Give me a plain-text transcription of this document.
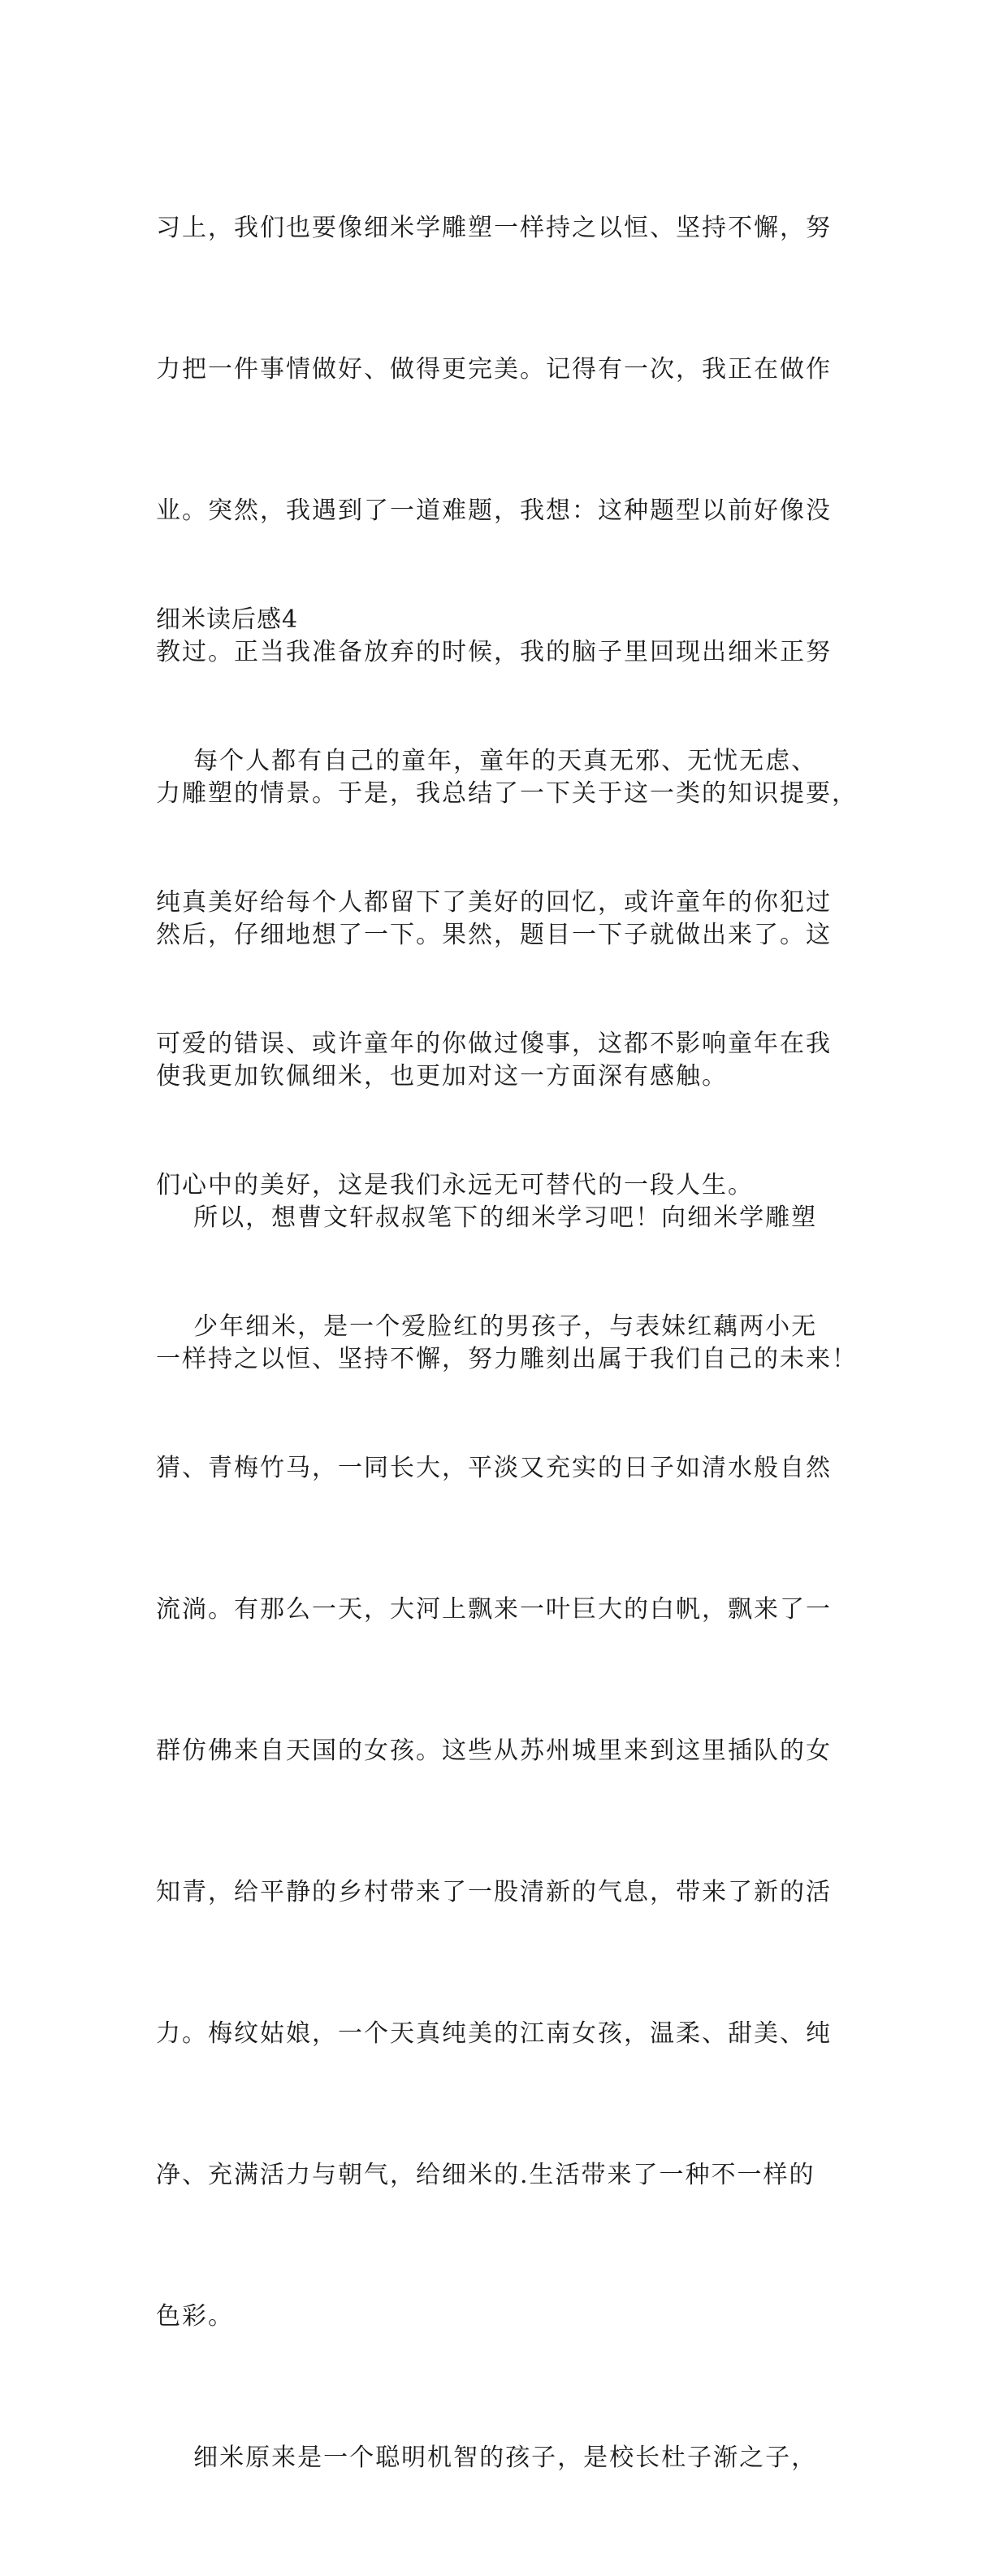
习上，我们也要像细米学雕塑一样持之以恒、坚持不懈，努

力把一件事情做好、做得更完美。记得有一次，我正在做作

业。突然，我遇到了一道难题，我想：这种题型以前好像没

教过。正当我准备放弃的时候，我的脑子里回现出细米正努

力雕塑的情景。于是，我总结了一下关于这一类的知识提要，

然后，仔细地想了一下。果然，题目一下子就做出来了。这

使我更加钦佩细米，也更加对这一方面深有感触。

所以，想曹文轩叔叔笔下的细米学习吧！向细米学雕塑

一样持之以恒、坚持不懈，努力雕刻出属于我们自己的未来！

细米读后感4

每个人都有自己的童年，童年的天真无邪、无忧无虑、

纯真美好给每个人都留下了美好的回忆，或许童年的你犯过

可爱的错误、或许童年的你做过傻事，这都不影响童年在我

们心中的美好，这是我们永远无可替代的一段人生。

少年细米，是一个爱脸红的男孩子，与表妹红藕两小无

猜、青梅竹马，一同长大，平淡又充实的日子如清水般自然

流淌。有那么一天，大河上飘来一叶巨大的白帆，飘来了一

群仿佛来自天国的女孩。这些从苏州城里来到这里插队的女

知青，给平静的乡村带来了一股清新的气息，带来了新的活

力。梅纹姑娘，一个天真纯美的江南女孩，温柔、甜美、纯

净、充满活力与朝气，给细米的.生活带来了一种不一样的

色彩。

细米原来是一个聪明机智的孩子，是校长杜子渐之子，
